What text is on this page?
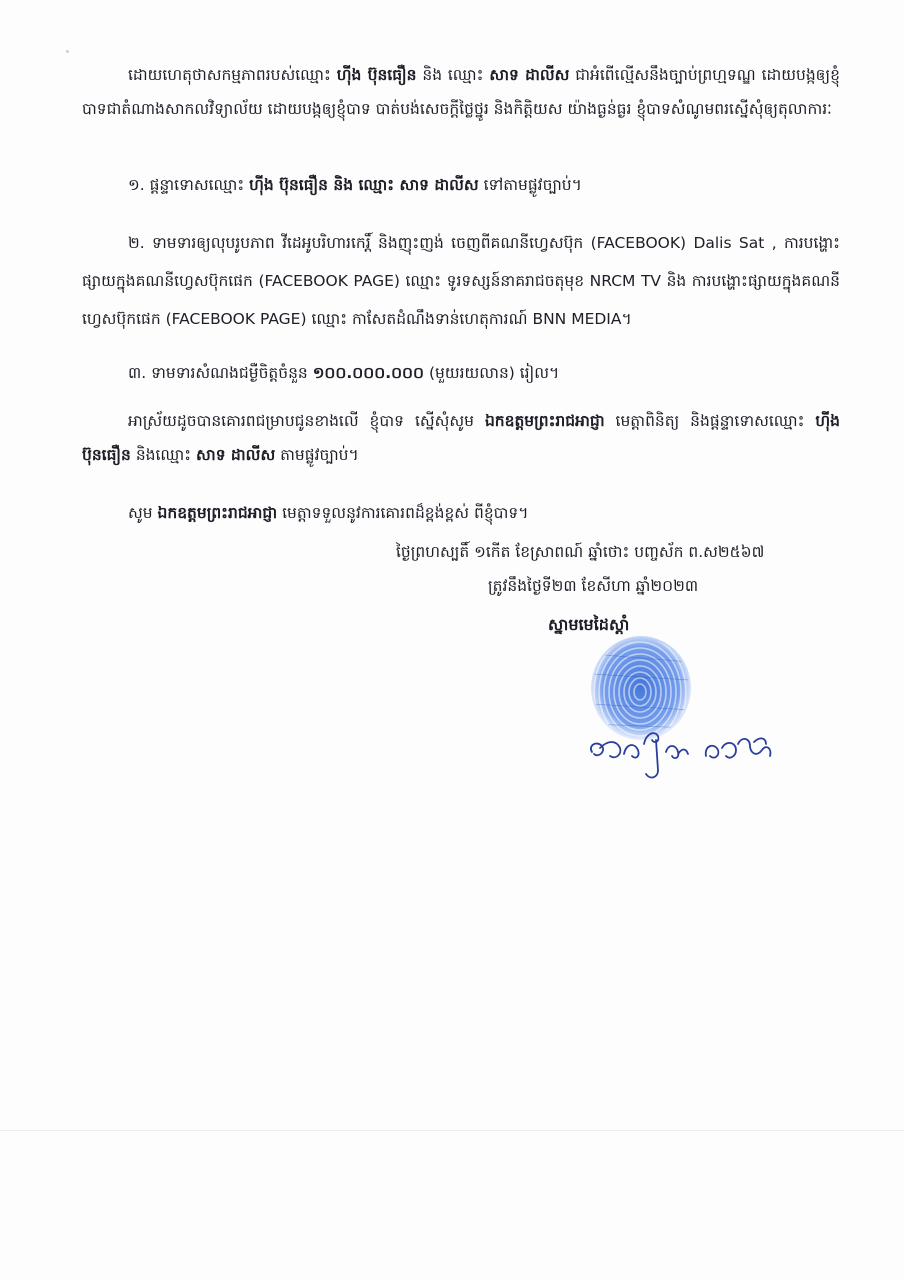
ដោយហេតុថាសកម្មភាពរបស់ឈ្មោះ ហ៊ីង ប៊ុនធឿន និង ឈ្មោះ សាទ ដាលីស ជាអំពើល្មើសនឹងច្បាប់ព្រហ្មទណ្ឌ ដោយបង្កឲ្យខ្ញុំបាទជាតំណាងសាកលវិទ្យាល័យ ដោយបង្កឲ្យខ្ញុំបាទ បាត់បង់សេចក្តីថ្លៃថ្នូរ និងកិត្តិយស យ៉ាងធ្ងន់ធ្ងរ ខ្ញុំបាទសំណូមពរស្នើសុំឲ្យតុលាការៈ
១. ផ្តន្ទាទោសឈ្មោះ ហ៊ីង ប៊ុនធឿន និង ឈ្មោះ សាទ ដាលីស ទៅតាមផ្លូវច្បាប់។
២. ទាមទារឲ្យលុបរូបភាព វីដេអូបរិហារកេរ្តិ៍ និងញុះញង់ ចេញពីគណនីហ្វេសប៊ុក (FACEBOOK) Dalis Sat , ការបង្ហោះផ្សាយក្នុងគណនីហ្វេសប៊ុកផេក (FACEBOOK PAGE) ឈ្មោះ ទូរទស្សន៍នាគរាជចតុមុខ NRCM TV និង ការបង្ហោះផ្សាយក្នុងគណនីហ្វេសប៊ុកផេក (FACEBOOK PAGE) ឈ្មោះ កាសែតដំណឹងទាន់ហេតុការណ៍ BNN MEDIA។
៣. ទាមទារសំណងជម្ងឺចិត្តចំនួន ១០០.០០០.០០០ (មួយរយលាន) រៀល។
អាស្រ័យដូចបានគោរពជម្រាបជូនខាងលើ ខ្ញុំបាទ ស្នើសុំសូម ឯកឧត្តមព្រះរាជអាជ្ញា មេត្តាពិនិត្យ និងផ្តន្ទាទោសឈ្មោះ ហ៊ីង ប៊ុនធឿន និងឈ្មោះ សាទ ដាលីស តាមផ្លូវច្បាប់។
សូម ឯកឧត្តមព្រះរាជអាជ្ញា មេត្តាទទួលនូវការគោរពដ៏ខ្ពង់ខ្ពស់ ពីខ្ញុំបាទ។
ថ្ងៃព្រហស្បតិ៍ ១កើត ខែស្រាពណ៍ ឆ្នាំថោះ បញ្ចស័ក ព.ស២៥៦៧
ត្រូវនឹងថ្ងៃទី២៣ ខែសីហា ឆ្នាំ២០២៣
ស្នាមមេដៃស្តាំ
សោទៀន សាវីន
